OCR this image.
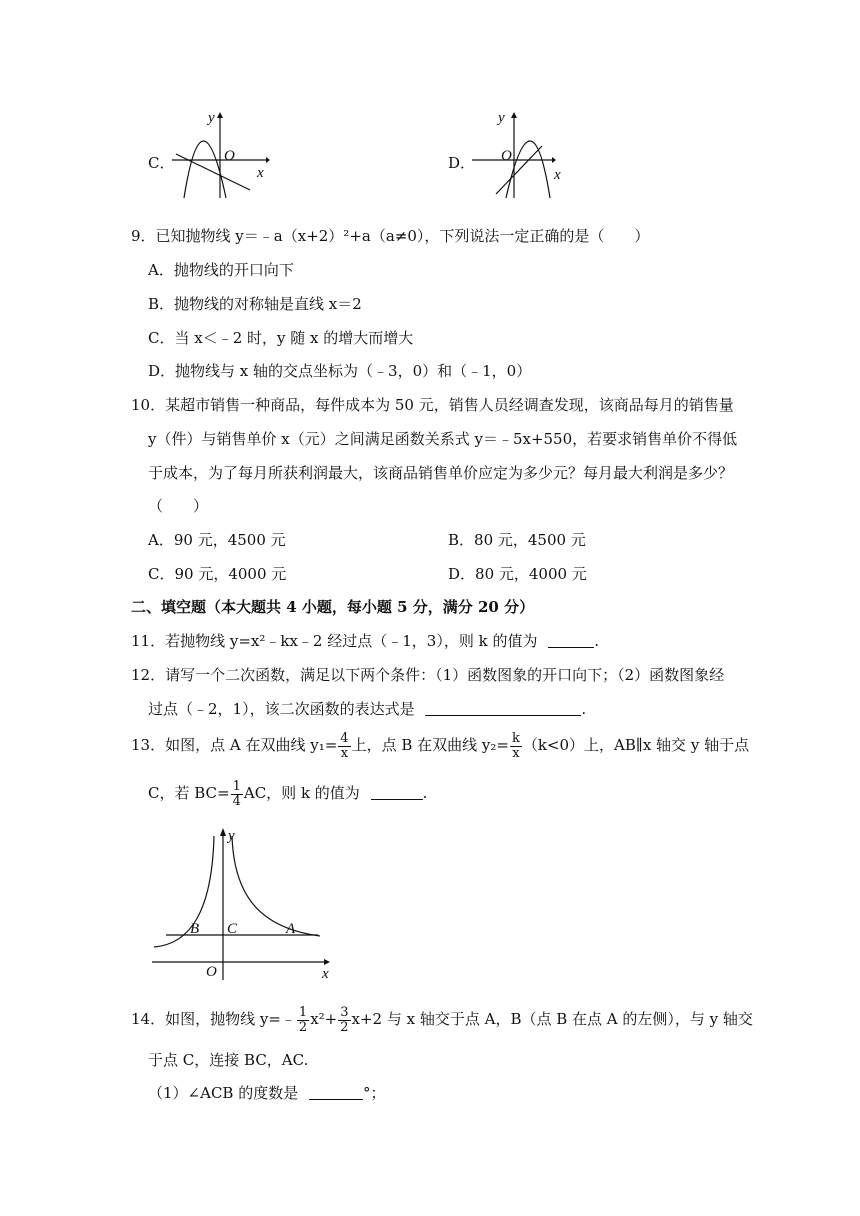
C．
y
x
O	D．
y
x
O
9．已知抛物线 y＝﹣a（x+2）²+a（a≠0），下列说法一定正确的是（　　）
A．抛物线的开口向下
B．抛物线的对称轴是直线 x＝2
C．当 x＜﹣2 时，y 随 x 的增大而增大
D．抛物线与 x 轴的交点坐标为（﹣3，0）和（﹣1，0）
10．某超市销售一种商品，每件成本为 50 元，销售人员经调查发现，该商品每月的销售量
y（件）与销售单价 x（元）之间满足函数关系式 y＝﹣5x+550，若要求销售单价不得低
于成本，为了每月所获利润最大，该商品销售单价应定为多少元？每月最大利润是多少？
（　　）
A．90 元，4500 元	B．80 元，4500 元
C．90 元，4000 元	D．80 元，4000 元
二、填空题（本大题共 4 小题，每小题 5 分，满分 20 分）
11．若抛物线 y=x²﹣kx﹣2 经过点（﹣1，3），则 k 的值为	.
12．请写一个二次函数，满足以下两个条件：（1）函数图象的开口向下；（2）函数图象经
过点（﹣2，1），该二次函数的表达式是	.
13．如图，点 A 在双曲线 $y_1= \frac{4}{x}$ 上，点 B 在双曲线 $y_2= \frac{k}{x} (k<0)$上，AB∥x 轴交 y 轴于点
C，若 $BC= \frac{1}{4}$ AC，则 k 的值为	.
y
x
O
B C	A
14．如图，抛物线 y=﹣ $\frac{1}{2} x^2+ \frac{3}{2} x+2$ 与 x 轴交于点 A，B（点 B 在点 A 的左侧），与 y 轴交
于点 C，连接 BC，AC.
（1）∠ACB 的度数是	°；
